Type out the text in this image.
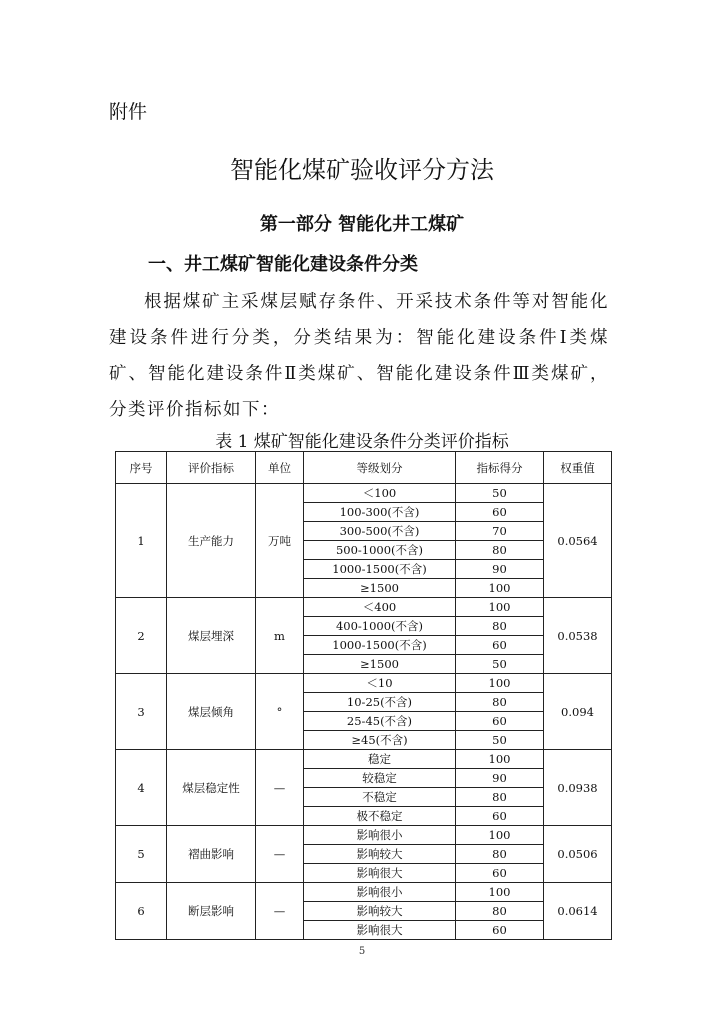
附件
智能化煤矿验收评分方法
第一部分 智能化井工煤矿
一、井工煤矿智能化建设条件分类
根据煤矿主采煤层赋存条件、开采技术条件等对智能化建设条件进行分类，分类结果为：智能化建设条件Ⅰ类煤矿、智能化建设条件Ⅱ类煤矿、智能化建设条件Ⅲ类煤矿，分类评价指标如下：
表 1 煤矿智能化建设条件分类评价指标
序号	评价指标	单位	等级划分	指标得分	权重值
1	生产能力	万吨	＜100	50	0.0564
			100-300(不含)	60	
			300-500(不含)	70	
			500-1000(不含)	80	
			1000-1500(不含)	90	
			≥1500	100	
2	煤层埋深	m	＜400	100	0.0538
			400-1000(不含)	80	
			1000-1500(不含)	60	
			≥1500	50	
3	煤层倾角	°	＜10	100	0.094
			10-25(不含)	80	
			25-45(不含)	60	
			≥45(不含)	50	
4	煤层稳定性	—	稳定	100	0.0938
			较稳定	90	
			不稳定	80	
			极不稳定	60	
5	褶曲影响	—	影响很小	100	0.0506
			影响较大	80	
			影响很大	60	
6	断层影响	—	影响很小	100	0.0614
			影响较大	80	
			影响很大	60	
5
